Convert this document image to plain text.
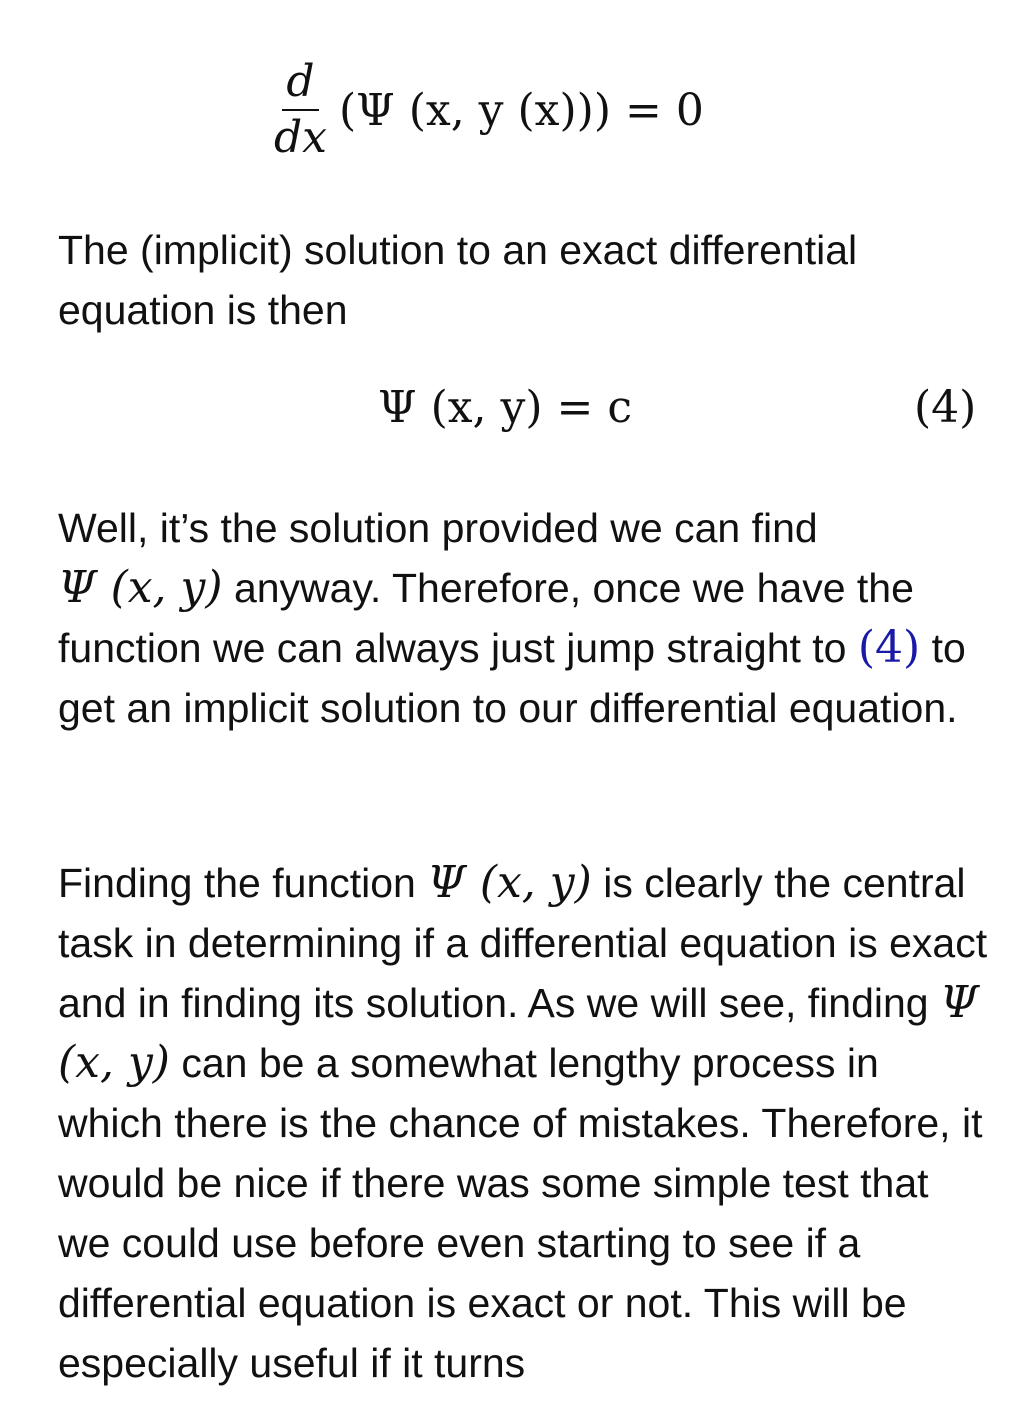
$\frac{d}{dx} (\Psi$ (x, y (x))) = 0

The (implicit) solution to an exact differential equation is then

Ψ (x, y) = c	(4)

Well, it’s the solution provided we can find
Ψ (x, y) anyway. Therefore, once we have the function we can always just jump straight to (4) to get an implicit solution to our differential equation.

Finding the function Ψ (x, y) is clearly the central task in determining if a differential equation is exact and in finding its solution. As we will see, finding Ψ (x, y) can be a somewhat lengthy process in which there is the chance of mistakes. Therefore, it would be nice if there was some simple test that we could use before even starting to see if a differential equation is exact or not. This will be especially useful if it turns
